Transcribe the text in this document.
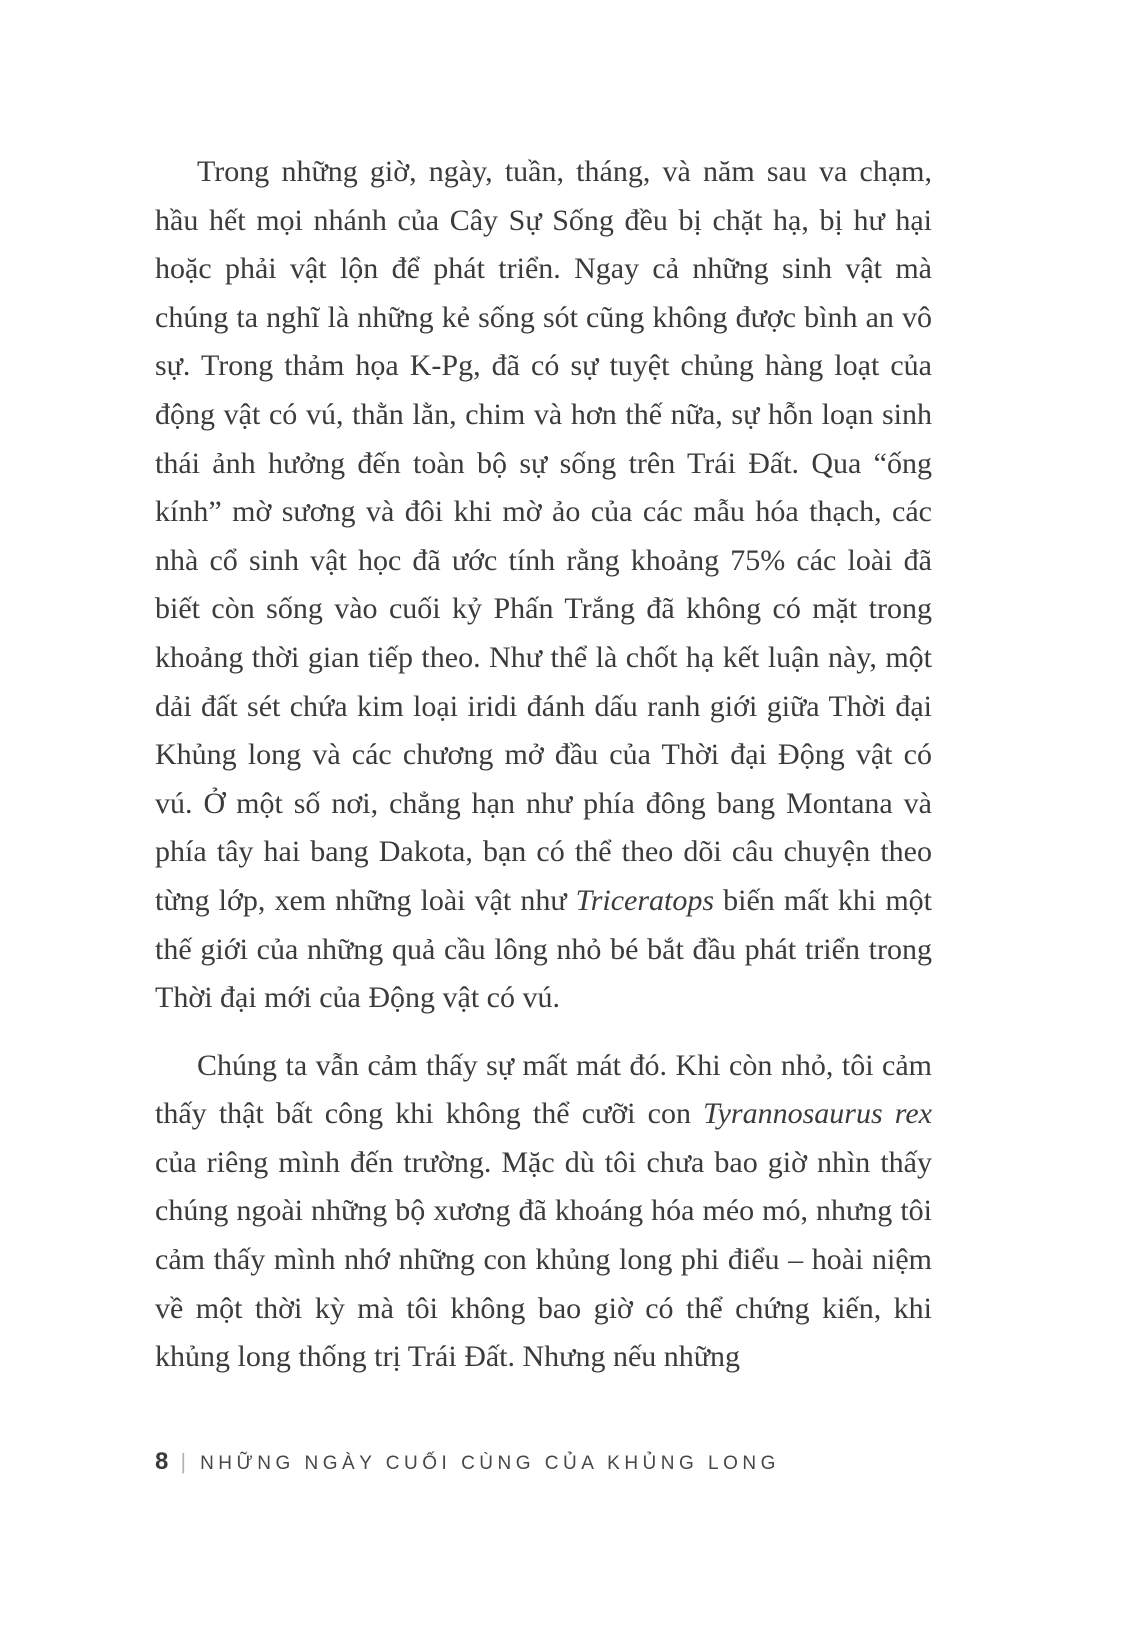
Trong những giờ, ngày, tuần, tháng, và năm sau va chạm, hầu hết mọi nhánh của Cây Sự Sống đều bị chặt hạ, bị hư hại hoặc phải vật lộn để phát triển. Ngay cả những sinh vật mà chúng ta nghĩ là những kẻ sống sót cũng không được bình an vô sự. Trong thảm họa K-Pg, đã có sự tuyệt chủng hàng loạt của động vật có vú, thằn lằn, chim và hơn thế nữa, sự hỗn loạn sinh thái ảnh hưởng đến toàn bộ sự sống trên Trái Đất. Qua “ống kính” mờ sương và đôi khi mờ ảo của các mẫu hóa thạch, các nhà cổ sinh vật học đã ước tính rằng khoảng 75% các loài đã biết còn sống vào cuối kỷ Phấn Trắng đã không có mặt trong khoảng thời gian tiếp theo. Như thể là chốt hạ kết luận này, một dải đất sét chứa kim loại iridi đánh dấu ranh giới giữa Thời đại Khủng long và các chương mở đầu của Thời đại Động vật có vú. Ở một số nơi, chẳng hạn như phía đông bang Montana và phía tây hai bang Dakota, bạn có thể theo dõi câu chuyện theo từng lớp, xem những loài vật như Triceratops biến mất khi một thế giới của những quả cầu lông nhỏ bé bắt đầu phát triển trong Thời đại mới của Động vật có vú.

Chúng ta vẫn cảm thấy sự mất mát đó. Khi còn nhỏ, tôi cảm thấy thật bất công khi không thể cưỡi con Tyrannosaurus rex của riêng mình đến trường. Mặc dù tôi chưa bao giờ nhìn thấy chúng ngoài những bộ xương đã khoáng hóa méo mó, nhưng tôi cảm thấy mình nhớ những con khủng long phi điểu – hoài niệm về một thời kỳ mà tôi không bao giờ có thể chứng kiến, khi khủng long thống trị Trái Đất. Nhưng nếu những

8 | NHỮNG NGÀY CUỐI CÙNG CỦA KHỦNG LONG
